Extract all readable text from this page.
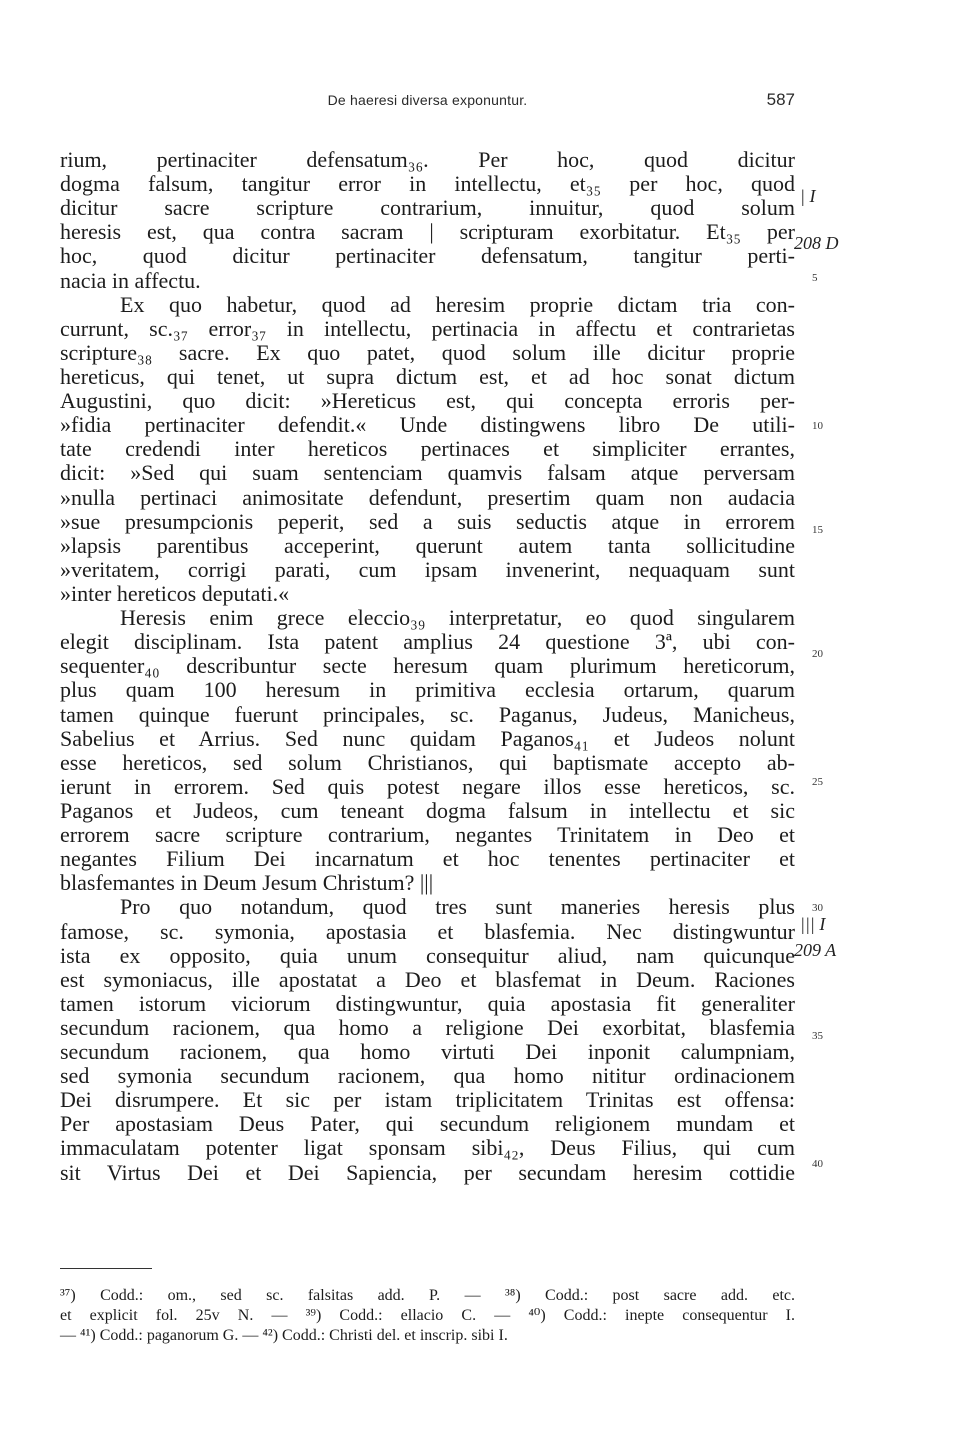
De haeresi diversa exponuntur.	587
rium, pertinaciter defensatum₃₆. Per hoc, quod dicitur
dogma falsum, tangitur error in intellectu, et₃₅ per hoc, quod
dicitur sacre scripture contrarium, innuitur, quod solum
heresis est, qua contra sacram | scripturam exorbitatur. Et₃₅ per
hoc, quod dicitur pertinaciter defensatum, tangitur perti-
nacia in affectu.
Ex quo habetur, quod ad heresim proprie dictam tria con-
currunt, sc.₃₇ error₃₇ in intellectu, pertinacia in affectu et contrarietas
scripture₃₈ sacre. Ex quo patet, quod solum ille dicitur proprie
hereticus, qui tenet, ut supra dictum est, et ad hoc sonat dictum
Augustini, quo dicit: »Hereticus est, qui concepta erroris per-
»fidia pertinaciter defendit.« Unde distingwens libro De utili-
tate credendi inter hereticos pertinaces et simpliciter errantes,
dicit: »Sed qui suam sentenciam quamvis falsam atque perversam
»nulla pertinaci animositate defendunt, presertim quam non audacia
»sue presumpcionis peperit, sed a suis seductis atque in errorem
»lapsis parentibus acceperint, querunt autem tanta sollicitudine
»veritatem, corrigi parati, cum ipsam invenerint, nequaquam sunt
»inter hereticos deputati.«
Heresis enim grece eleccio₃₉ interpretatur, eo quod singularem
elegit disciplinam. Ista patent amplius 24 questione 3ª, ubi con-
sequenter₄₀ describuntur secte heresum quam plurimum hereticorum,
plus quam 100 heresum in primitiva ecclesia ortarum, quarum
tamen quinque fuerunt principales, sc. Paganus, Judeus, Manicheus,
Sabelius et Arrius. Sed nunc quidam Paganos₄₁ et Judeos nolunt
esse hereticos, sed solum Christianos, qui baptismate accepto ab-
ierunt in errorem. Sed quis potest negare illos esse hereticos, sc.
Paganos et Judeos, cum teneant dogma falsum in intellectu et sic
errorem sacre scripture contrarium, negantes Trinitatem in Deo et
negantes Filium Dei incarnatum et hoc tenentes pertinaciter et
blasfemantes in Deum Jesum Christum? |||
Pro quo notandum, quod tres sunt maneries heresis plus
famose, sc. symonia, apostasia et blasfemia. Nec distingwuntur
ista ex opposito, quia unum consequitur aliud, nam quicunque
est symoniacus, ille apostatat a Deo et blasfemat in Deum. Raciones
tamen istorum viciorum distingwuntur, quia apostasia fit generaliter
secundum racionem, qua homo a religione Dei exorbitat, blasfemia
secundum racionem, qua homo virtuti Dei inponit calumpniam,
sed symonia secundum racionem, qua homo nititur ordinacionem
Dei disrumpere. Et sic per istam triplicitatem Trinitas est offensa:
Per apostasiam Deus Pater, qui secundum religionem mundam et
immaculatam potenter ligat sponsam sibi₄₂, Deus Filius, qui cum
sit Virtus Dei et Dei Sapiencia, per secundam heresim cottidie
| I
208 D
||| I
209 A
5
10
15
20
25
30
35
40
³⁷) Codd.: om., sed sc. falsitas add. P. — ³⁸) Codd.: post sacre add. etc.
et explicit fol. 25v N. — ³⁹) Codd.: ellacio C. — ⁴⁰) Codd.: inepte consequentur I.
— ⁴¹) Codd.: paganorum G. — ⁴²) Codd.: Christi del. et inscrip. sibi I.
